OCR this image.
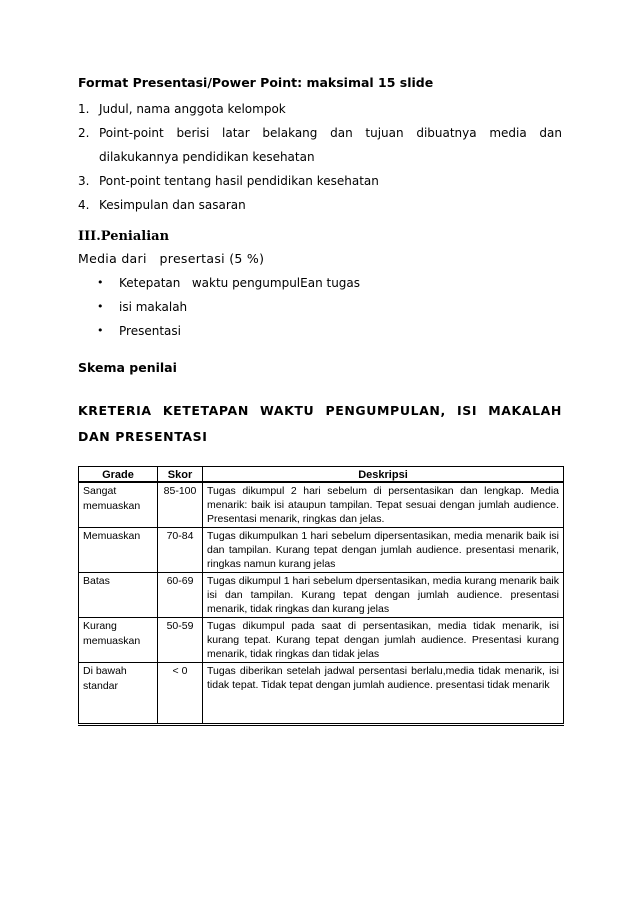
Format Presentasi/Power Point: maksimal 15 slide
1. Judul, nama anggota kelompok
2. Point-point berisi latar belakang dan tujuan dibuatnya media dan dilakukannya pendidikan kesehatan
3. Pont-point tentang hasil pendidikan kesehatan
4. Kesimpulan dan sasaran
III.Penialian
Media dari   presertasi (5 %)
• Ketepatan   waktu pengumpulEan tugas
• isi makalah
• Presentasi
Skema penilai
KRETERIA KETETAPAN WAKTU PENGUMPULAN, ISI MAKALAH DAN PRESENTASI
Grade	Skor	Deskripsi
Sangat memuaskan	85-100	Tugas dikumpul 2 hari sebelum di persentasikan dan lengkap. Media menarik: baik isi ataupun tampilan. Tepat sesuai dengan jumlah audience. Presentasi menarik, ringkas dan jelas.
Memuaskan	70-84	Tugas dikumpulkan 1 hari sebelum dipersentasikan, media menarik baik isi dan tampilan. Kurang tepat dengan jumlah audience. presentasi menarik, ringkas namun kurang jelas
Batas	60-69	Tugas dikumpul 1 hari sebelum dpersentasikan, media kurang menarik baik isi dan tampilan. Kurang tepat dengan jumlah audience. presentasi menarik, tidak ringkas dan kurang jelas
Kurang memuaskan	50-59	Tugas dikumpul pada saat di persentasikan, media tidak menarik, isi kurang tepat. Kurang tepat dengan jumlah audience. Presentasi kurang menarik, tidak ringkas dan tidak jelas
Di bawah standar	< 0	Tugas diberikan setelah jadwal persentasi berlalu,media tidak menarik, isi tidak tepat. Tidak tepat dengan jumlah audience. presentasi tidak menarik
